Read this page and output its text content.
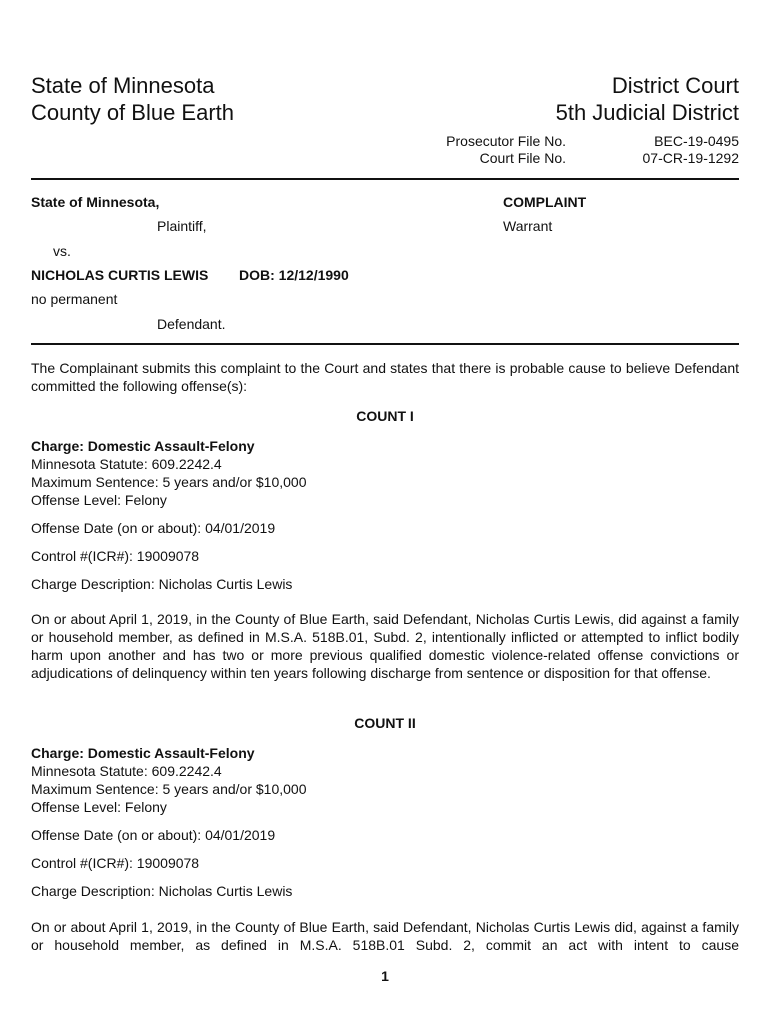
State of Minnesota
County of Blue Earth
District Court
5th Judicial District
Prosecutor File No.	BEC-19-0495
Court File No.	07-CR-19-1292
State of Minnesota,
Plaintiff,
vs.
NICHOLAS CURTIS LEWIS DOB: 12/12/1990
no permanent
Defendant.
COMPLAINT
Warrant
The Complainant submits this complaint to the Court and states that there is probable cause to believe Defendant committed the following offense(s):
COUNT I
Charge: Domestic Assault-Felony
Minnesota Statute: 609.2242.4
Maximum Sentence: 5 years and/or $10,000
Offense Level: Felony
Offense Date (on or about): 04/01/2019
Control #(ICR#): 19009078
Charge Description: Nicholas Curtis Lewis
On or about April 1, 2019, in the County of Blue Earth, said Defendant, Nicholas Curtis Lewis, did against a family or household member, as defined in M.S.A. 518B.01, Subd. 2, intentionally inflicted or attempted to inflict bodily harm upon another and has two or more previous qualified domestic violence-related offense convictions or adjudications of delinquency within ten years following discharge from sentence or disposition for that offense.
COUNT II
Charge: Domestic Assault-Felony
Minnesota Statute: 609.2242.4
Maximum Sentence: 5 years and/or $10,000
Offense Level: Felony
Offense Date (on or about): 04/01/2019
Control #(ICR#): 19009078
Charge Description: Nicholas Curtis Lewis
On or about April 1, 2019, in the County of Blue Earth, said Defendant, Nicholas Curtis Lewis did, against a family or household member, as defined in M.S.A. 518B.01 Subd. 2, commit an act with intent to cause
1
